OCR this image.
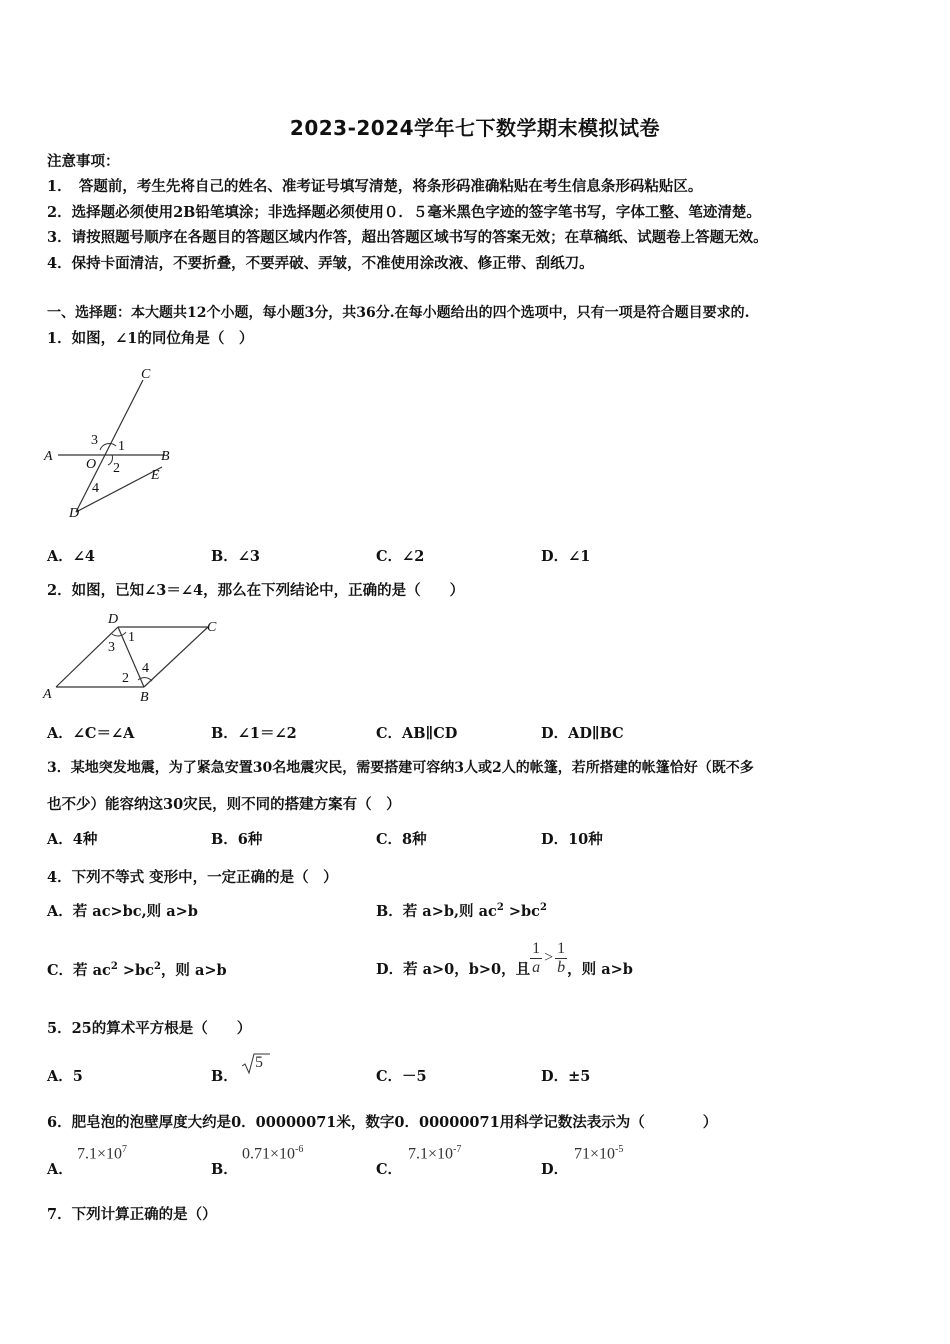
2023-2024学年七下数学期末模拟试卷
注意事项：
1．　答题前，考生先将自己的姓名、准考证号填写清楚，将条形码准确粘贴在考生信息条形码粘贴区。
2．选择题必须使用2B铅笔填涂；非选择题必须使用０．５毫米黑色字迹的签字笔书写，字体工整、笔迹清楚。
3．请按照题号顺序在各题目的答题区域内作答，超出答题区域书写的答案无效；在草稿纸、试题卷上答题无效。
4．保持卡面清洁，不要折叠，不要弄破、弄皱，不准使用涂改液、修正带、刮纸刀。
一、选择题：本大题共12个小题，每小题3分，共36分.在每小题给出的四个选项中，只有一项是符合题目要求的.
1．如图，∠1的同位角是（　）
A	B
C
D
E
O
1
2
3
4
A．∠4	B．∠3	C．∠2	D．∠1
2．如图，已知∠3＝∠4，那么在下列结论中，正确的是（　　）
A	B
C
D
1
2
3
4
A．∠C＝∠A	B．∠1＝∠2	C．AB∥CD	D．AD∥BC
3．某地突发地震，为了紧急安置30名地震灾民，需要搭建可容纳3人或2人的帐篷，若所搭建的帐篷恰好（既不多
也不少）能容纳这30灾民，则不同的搭建方案有（　）
A．4种	B．6种	C．8种	D．10种
4．下列不等式 变形中，一定正确的是（　）
A．若 ac>bc,则 a>b	B．若 a>b,则 $ac^2 >bc^2$
C．若 $ac^2 >bc^2$，则 a>b	D．若 a>0，b>0，且 $\frac{1}{a} > \frac{1}{b}$ ，则 a>b
5．25的算术平方根是（　　）
A．5	B．
5
C．－5	D．±5
6．肥皂泡的泡壁厚度大约是0．00000071米，数字0．00000071用科学记数法表示为（　　　　）
A．
$7.1\times 10^7$
B．
$0.71\times 10^{-6}$
C．
$7.1\times 10^{-7}$
D．
$71\times 10^{-5}$
7．下列计算正确的是（）
